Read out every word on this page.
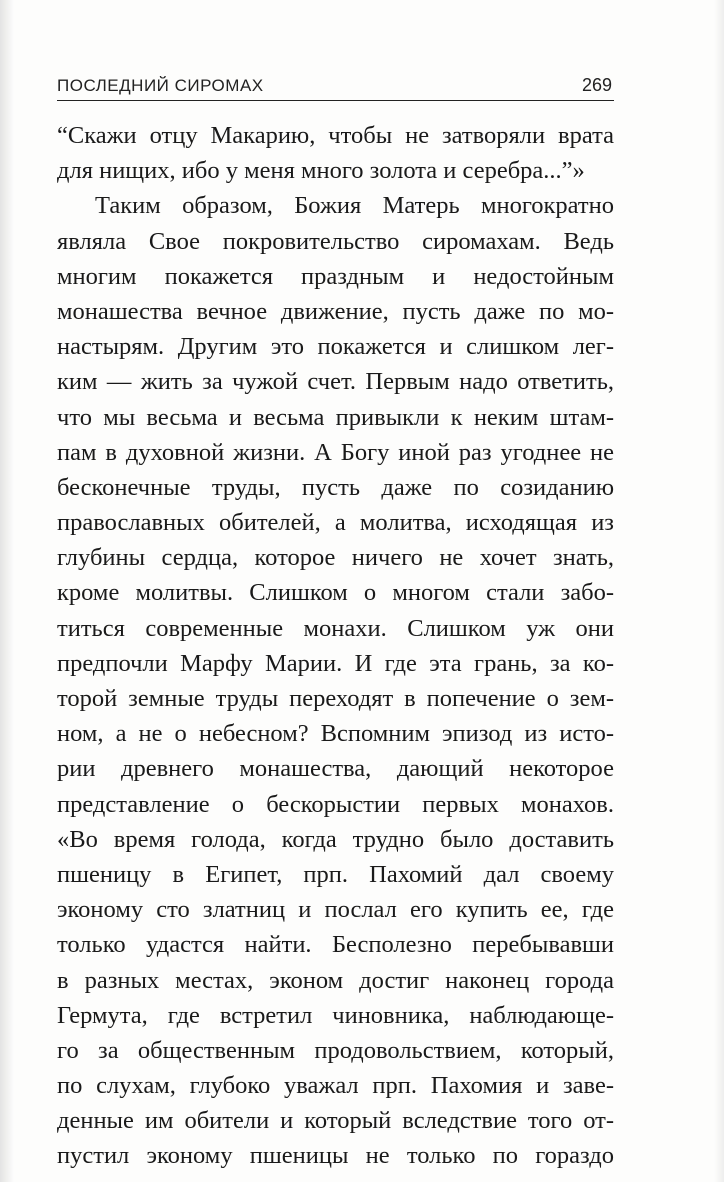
ПОСЛЕДНИЙ СИРОМАХ	269
“Скажи отцу Макарию, чтобы не затворяли врата
для нищих, ибо у меня много золота и серебра...”»
Таким образом, Божия Матерь многократно
являла Свое покровительство сиромахам. Ведь
многим покажется праздным и недостойным
монашества вечное движение, пусть даже по мо-
настырям. Другим это покажется и слишком лег-
ким — жить за чужой счет. Первым надо ответить,
что мы весьма и весьма привыкли к неким штам-
пам в духовной жизни. А Богу иной раз угоднее не
бесконечные труды, пусть даже по созиданию
православных обителей, а молитва, исходящая из
глубины сердца, которое ничего не хочет знать,
кроме молитвы. Слишком о многом стали забо-
титься современные монахи. Слишком уж они
предпочли Марфу Марии. И где эта грань, за ко-
торой земные труды переходят в попечение о зем-
ном, а не о небесном? Вспомним эпизод из исто-
рии древнего монашества, дающий некоторое
представление о бескорыстии первых монахов.
«Во время голода, когда трудно было доставить
пшеницу в Египет, прп. Пахомий дал своему
эконому сто златниц и послал его купить ее, где
только удастся найти. Бесполезно перебывавши
в разных местах, эконом достиг наконец города
Гермута, где встретил чиновника, наблюдающе-
го за общественным продовольствием, который,
по слухам, глубоко уважал прп. Пахомия и заве-
денные им обители и который вследствие того от-
пустил эконому пшеницы не только по гораздо
